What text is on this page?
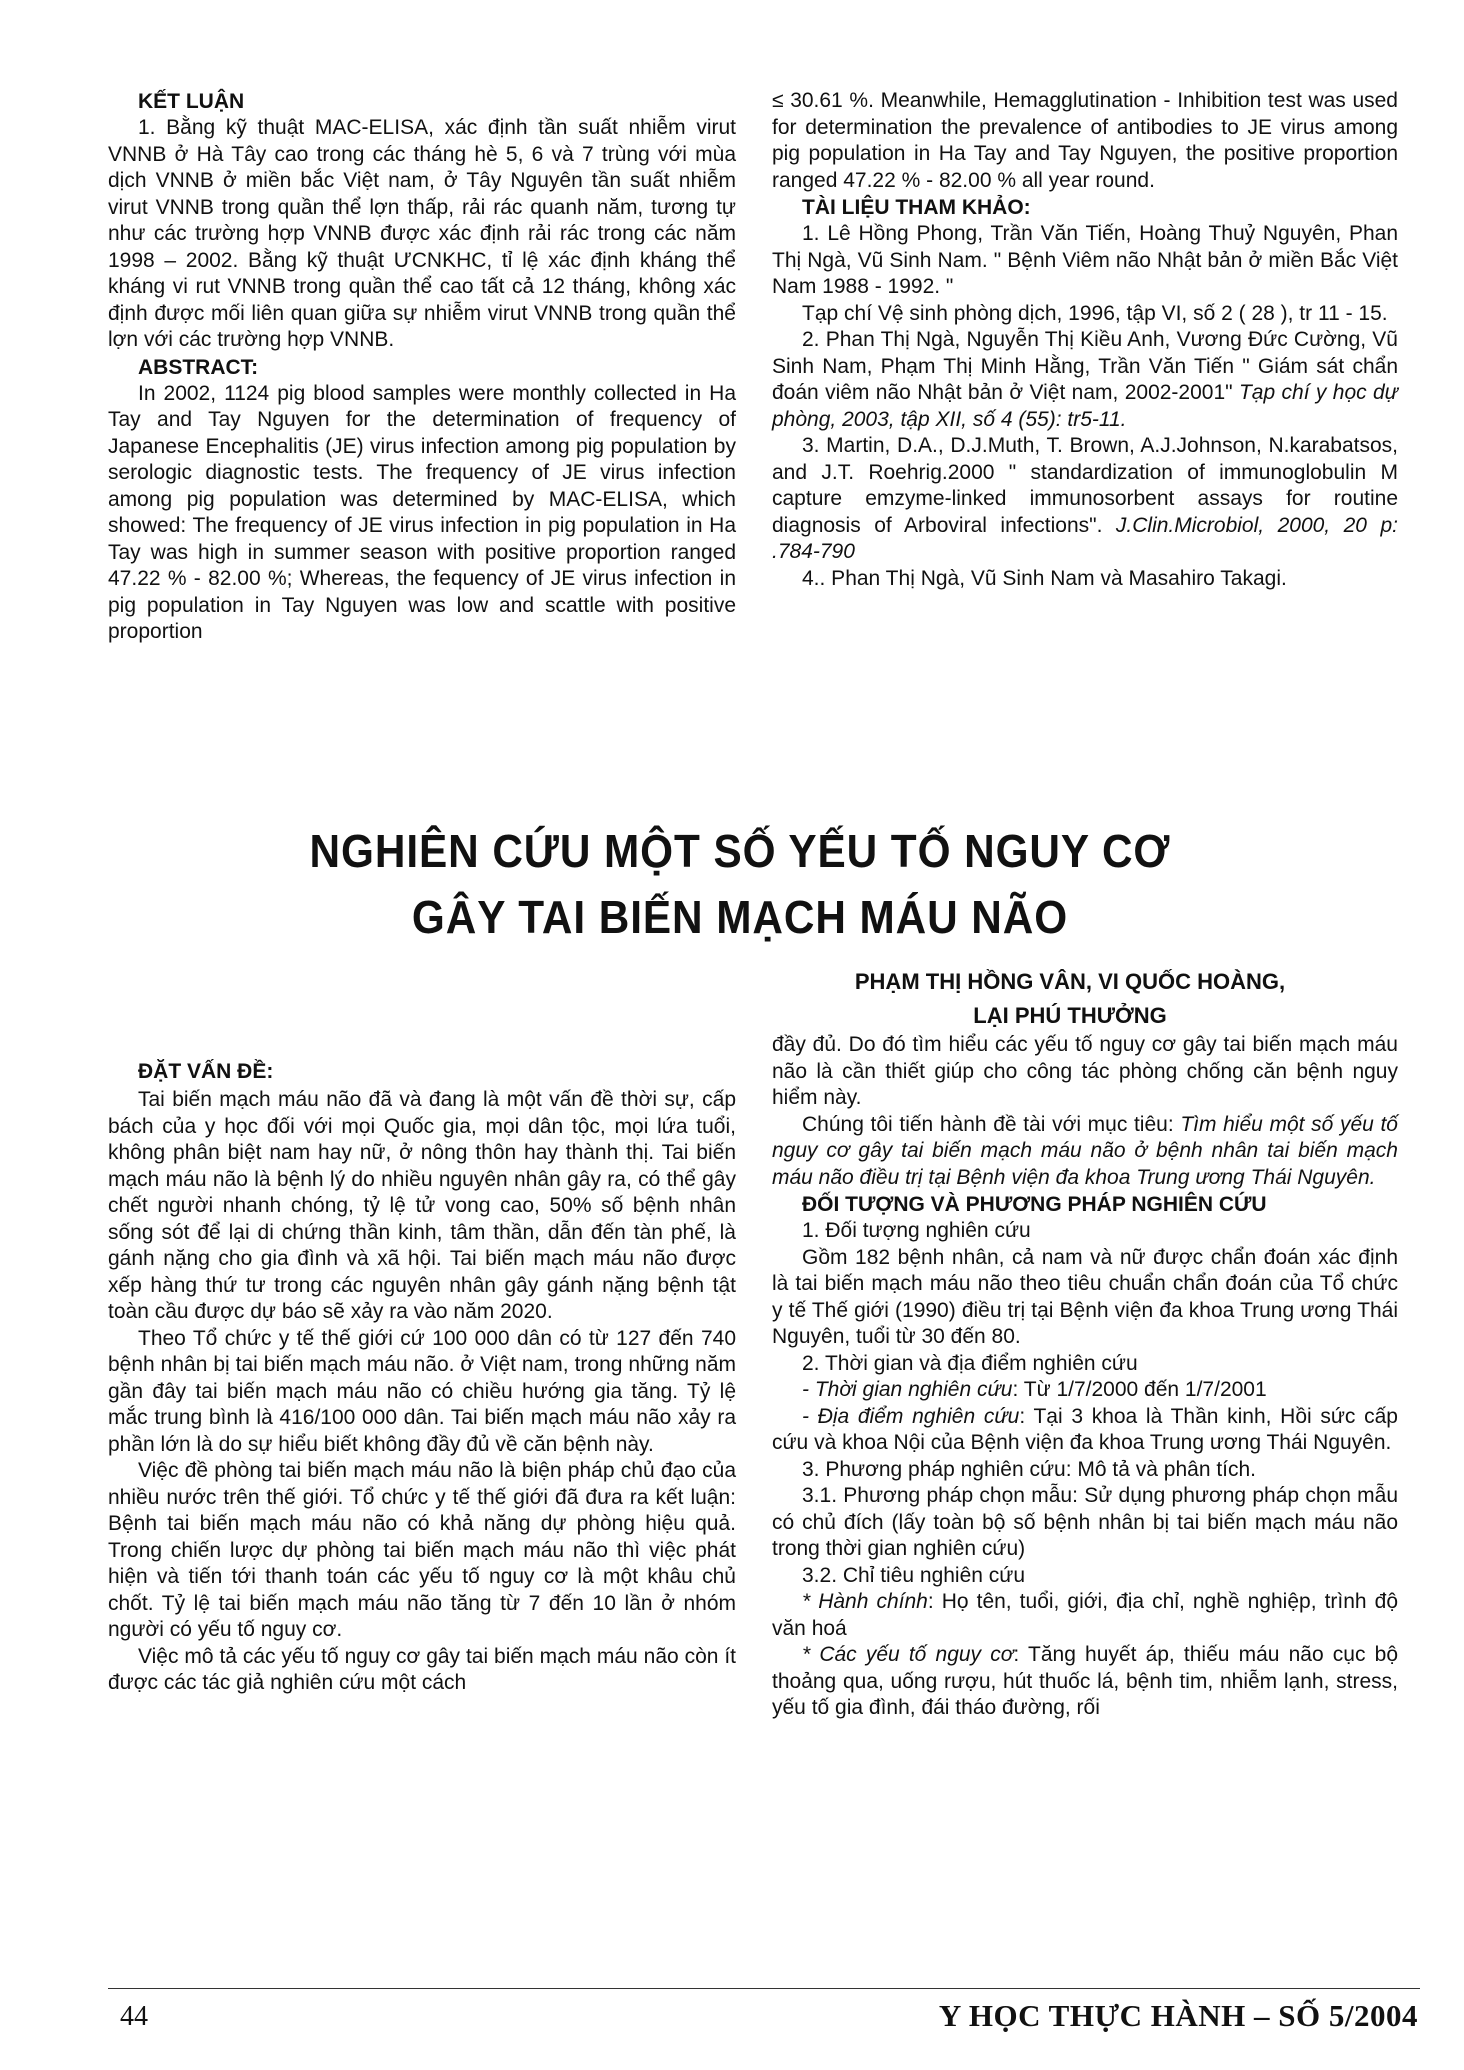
KẾT LUẬN

1. Bằng kỹ thuật MAC-ELISA, xác định tần suất nhiễm virut VNNB ở Hà Tây cao trong các tháng hè 5, 6 và 7 trùng với mùa dịch VNNB ở miền bắc Việt nam, ở Tây Nguyên tần suất nhiễm virut VNNB trong quần thể lợn thấp, rải rác quanh năm, tương tự như các trường hợp VNNB được xác định rải rác trong các năm 1998 – 2002. Bằng kỹ thuật ƯCNKHC, tỉ lệ xác định kháng thể kháng vi rut VNNB trong quần thể cao tất cả 12 tháng, không xác định được mối liên quan giữa sự nhiễm virut VNNB trong quần thể lợn với các trường hợp VNNB.

ABSTRACT:

In 2002, 1124 pig blood samples were monthly collected in Ha Tay and Tay Nguyen for the determination of frequency of Japanese Encephalitis (JE) virus infection among pig population by serologic diagnostic tests. The frequency of JE virus infection among pig population was determined by MAC-ELISA, which showed: The frequency of JE virus infection in pig population in Ha Tay was high in summer season with positive proportion ranged 47.22 % - 82.00 %; Whereas, the fequency of JE virus infection in pig population in Tay Nguyen was low and scattle with positive proportion

≤ 30.61 %. Meanwhile, Hemagglutination - Inhibition test was used for determination the prevalence of antibodies to JE virus among pig population in Ha Tay and Tay Nguyen, the positive proportion ranged 47.22 % - 82.00 % all year round.

TÀI LIỆU THAM KHẢO:

1. Lê Hồng Phong, Trần Văn Tiến, Hoàng Thuỷ Nguyên, Phan Thị Ngà, Vũ Sinh Nam. " Bệnh Viêm não Nhật bản ở miền Bắc Việt Nam 1988 - 1992. "

Tạp chí Vệ sinh phòng dịch, 1996, tập VI, số 2 ( 28 ), tr 11 - 15.

2. Phan Thị Ngà, Nguyễn Thị Kiều Anh, Vương Đức Cường, Vũ Sinh Nam, Phạm Thị Minh Hằng, Trần Văn Tiến " Giám sát chẩn đoán viêm não Nhật bản ở Việt nam, 2002-2001" Tạp chí y học dự phòng, 2003, tập XII, số 4 (55): tr5-11.

3. Martin, D.A., D.J.Muth, T. Brown, A.J.Johnson, N.karabatsos, and J.T. Roehrig.2000 " standardization of immunoglobulin M capture emzyme-linked immunosorbent assays for routine diagnosis of Arboviral infections". J.Clin.Microbiol, 2000, 20 p: .784-790

4.. Phan Thị Ngà, Vũ Sinh Nam và Masahiro Takagi.

NGHIÊN CỨU MỘT SỐ YẾU TỐ NGUY CƠ
GÂY TAI BIẾN MẠCH MÁU NÃO
PHẠM THỊ HỒNG VÂN, VI QUỐC HOÀNG,
LẠI PHÚ THƯỞNG

ĐẶT VẤN ĐỀ:

Tai biến mạch máu não đã và đang là một vấn đề thời sự, cấp bách của y học đối với mọi Quốc gia, mọi dân tộc, mọi lứa tuổi, không phân biệt nam hay nữ, ở nông thôn hay thành thị. Tai biến mạch máu não là bệnh lý do nhiều nguyên nhân gây ra, có thể gây chết người nhanh chóng, tỷ lệ tử vong cao, 50% số bệnh nhân sống sót để lại di chứng thần kinh, tâm thần, dẫn đến tàn phế, là gánh nặng cho gia đình và xã hội. Tai biến mạch máu não được xếp hàng thứ tư trong các nguyên nhân gây gánh nặng bệnh tật toàn cầu được dự báo sẽ xảy ra vào năm 2020.

Theo Tổ chức y tế thế giới cứ 100 000 dân có từ 127 đến 740 bệnh nhân bị tai biến mạch máu não. ở Việt nam, trong những năm gần đây tai biến mạch máu não có chiều hướng gia tăng. Tỷ lệ mắc trung bình là 416/100 000 dân. Tai biến mạch máu não xảy ra phần lớn là do sự hiểu biết không đầy đủ về căn bệnh này.

Việc đề phòng tai biến mạch máu não là biện pháp chủ đạo của nhiều nước trên thế giới. Tổ chức y tế thế giới đã đưa ra kết luận: Bệnh tai biến mạch máu não có khả năng dự phòng hiệu quả. Trong chiến lược dự phòng tai biến mạch máu não thì việc phát hiện và tiến tới thanh toán các yếu tố nguy cơ là một khâu chủ chốt. Tỷ lệ tai biến mạch máu não tăng từ 7 đến 10 lần ở nhóm người có yếu tố nguy cơ.

Việc mô tả các yếu tố nguy cơ gây tai biến mạch máu não còn ít được các tác giả nghiên cứu một cách

đầy đủ. Do đó tìm hiểu các yếu tố nguy cơ gây tai biến mạch máu não là cần thiết giúp cho công tác phòng chống căn bệnh nguy hiểm này.

Chúng tôi tiến hành đề tài với mục tiêu: Tìm hiểu một số yếu tố nguy cơ gây tai biến mạch máu não ở bệnh nhân tai biến mạch máu não điều trị tại Bệnh viện đa khoa Trung ương Thái Nguyên.

ĐỐI TƯỢNG VÀ PHƯƠNG PHÁP NGHIÊN CỨU

1. Đối tượng nghiên cứu

Gồm 182 bệnh nhân, cả nam và nữ được chẩn đoán xác định là tai biến mạch máu não theo tiêu chuẩn chẩn đoán của Tổ chức y tế Thế giới (1990) điều trị tại Bệnh viện đa khoa Trung ương Thái Nguyên, tuổi từ 30 đến 80.

2. Thời gian và địa điểm nghiên cứu

- Thời gian nghiên cứu: Từ 1/7/2000 đến 1/7/2001

- Địa điểm nghiên cứu: Tại 3 khoa là Thần kinh, Hồi sức cấp cứu và khoa Nội của Bệnh viện đa khoa Trung ương Thái Nguyên.

3. Phương pháp nghiên cứu: Mô tả và phân tích.

3.1. Phương pháp chọn mẫu: Sử dụng phương pháp chọn mẫu có chủ đích (lấy toàn bộ số bệnh nhân bị tai biến mạch máu não trong thời gian nghiên cứu)

3.2. Chỉ tiêu nghiên cứu

* Hành chính: Họ tên, tuổi, giới, địa chỉ, nghề nghiệp, trình độ văn hoá

* Các yếu tố nguy cơ: Tăng huyết áp, thiếu máu não cục bộ thoảng qua, uống rượu, hút thuốc lá, bệnh tim, nhiễm lạnh, stress, yếu tố gia đình, đái tháo đường, rối

44	Y HỌC THỰC HÀNH – SỐ 5/2004
